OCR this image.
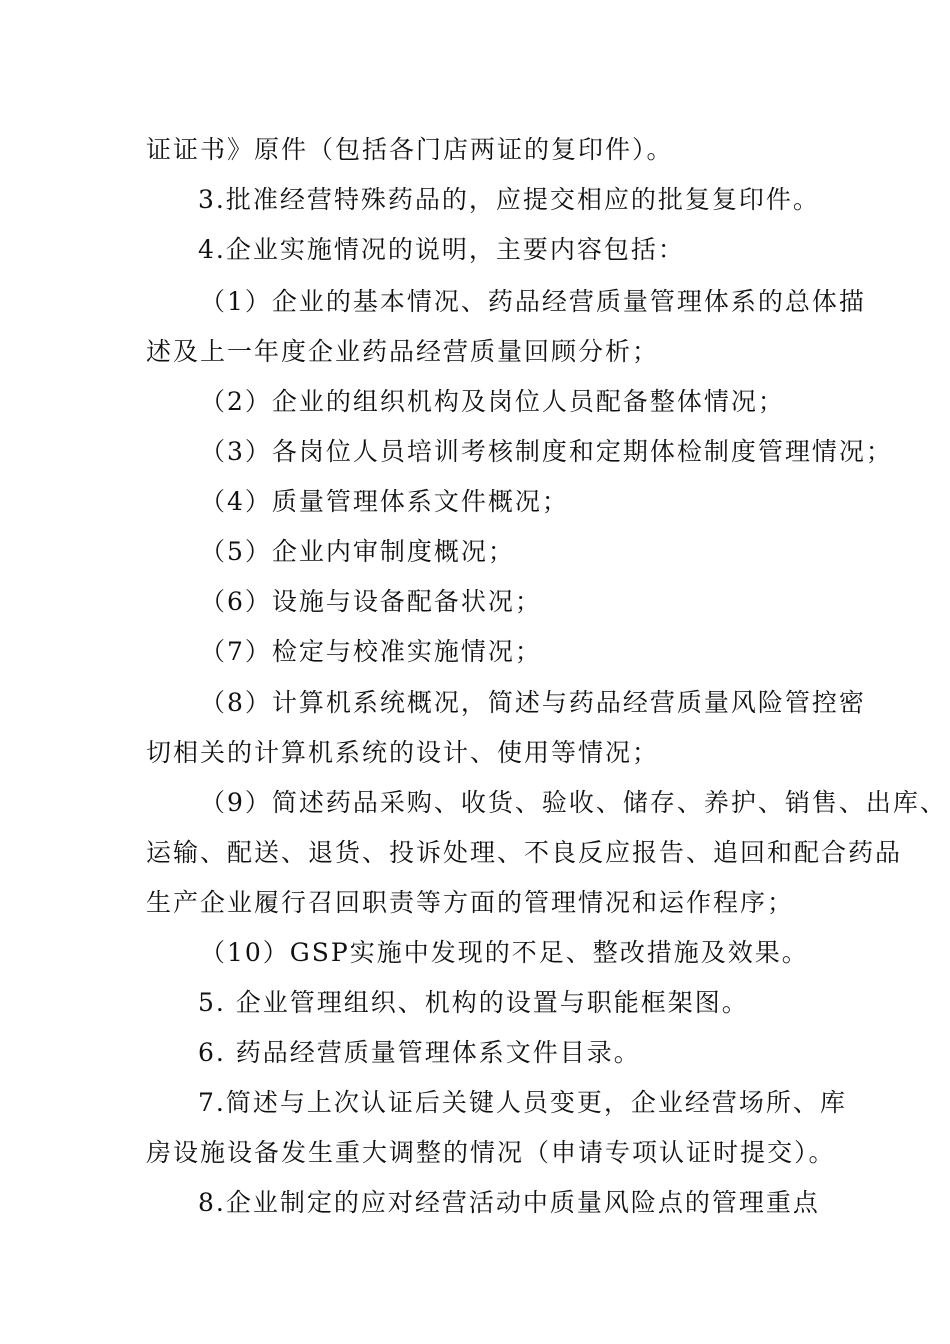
证证书》原件（包括各门店两证的复印件）。
3.批准经营特殊药品的，应提交相应的批复复印件。
4.企业实施情况的说明，主要内容包括：
（1）企业的基本情况、药品经营质量管理体系的总体描
述及上一年度企业药品经营质量回顾分析；
（2）企业的组织机构及岗位人员配备整体情况；
（3）各岗位人员培训考核制度和定期体检制度管理情况；
（4）质量管理体系文件概况；
（5）企业内审制度概况；
（6）设施与设备配备状况；
（7）检定与校准实施情况；
（8）计算机系统概况，简述与药品经营质量风险管控密
切相关的计算机系统的设计、使用等情况；
（9）简述药品采购、收货、验收、储存、养护、销售、出库、
运输、配送、退货、投诉处理、不良反应报告、追回和配合药品
生产企业履行召回职责等方面的管理情况和运作程序；
（10）GSP实施中发现的不足、整改措施及效果。
5. 企业管理组织、机构的设置与职能框架图。
6. 药品经营质量管理体系文件目录。
7.简述与上次认证后关键人员变更，企业经营场所、库
房设施设备发生重大调整的情况（申请专项认证时提交）。
8.企业制定的应对经营活动中质量风险点的管理重点
